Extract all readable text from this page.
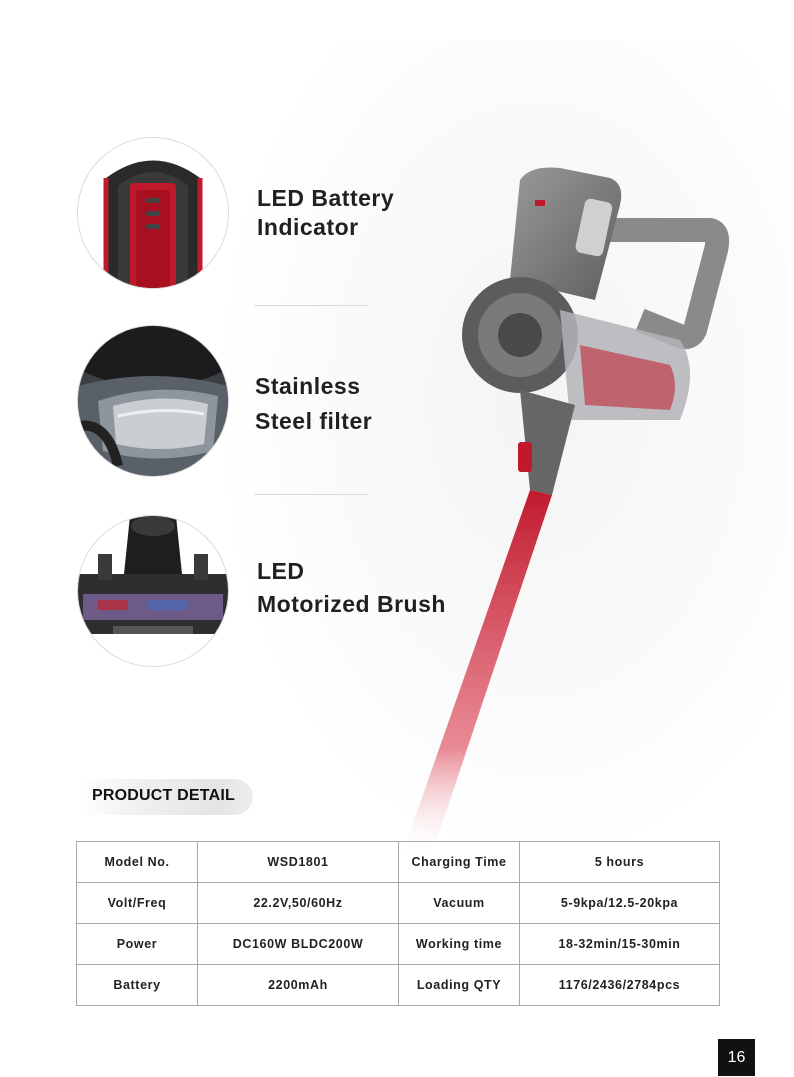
LED Battery
Indicator
Stainless
Steel filter
LED
Motorized Brush
PRODUCT DETAIL
Model No.	WSD1801	Charging Time	5 hours
Volt/Freq	22.2V,50/60Hz	Vacuum	5-9kpa/12.5-20kpa
Power	DC160W BLDC200W	Working time	18-32min/15-30min
Battery	2200mAh	Loading QTY	1176/2436/2784pcs
16
